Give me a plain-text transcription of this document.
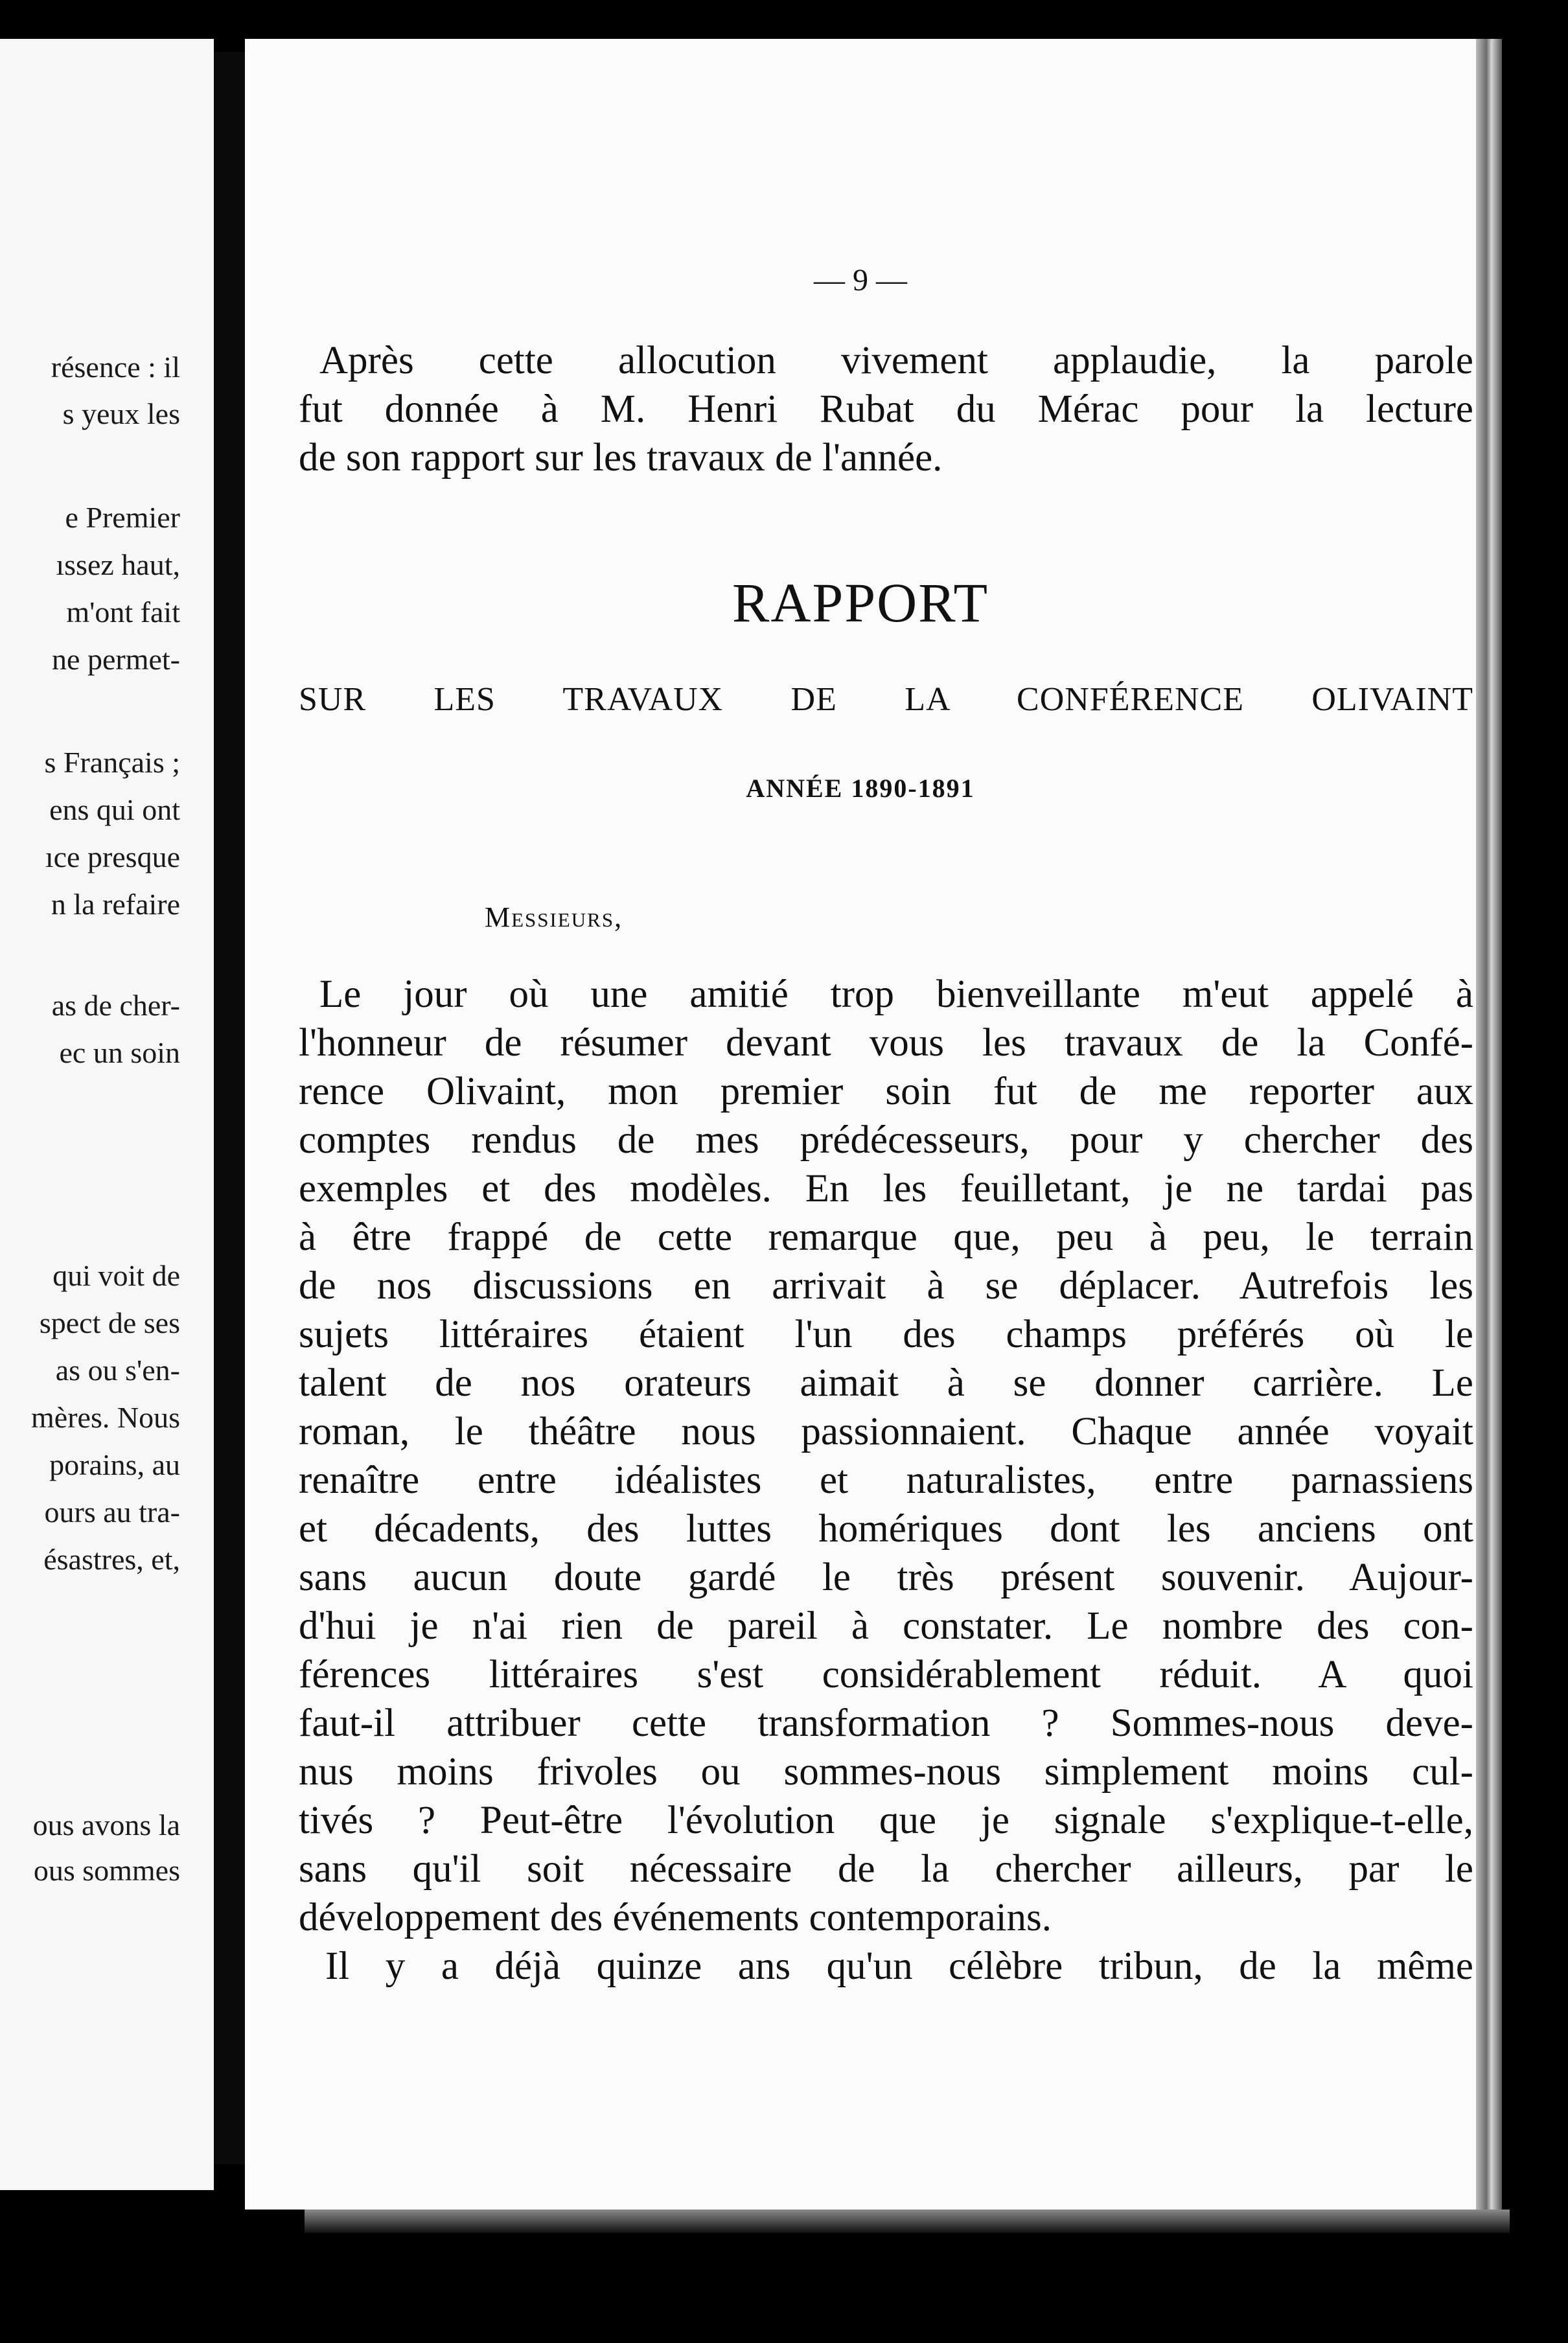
résence : il
s yeux les
e Premier
ıssez haut,
m'ont fait
ne permet-
s Français ;
ens qui ont
ıce presque
n la refaire
as de cher-
ec un soin
qui voit de
spect de ses
as ou s'en-
mères. Nous
porains, au
ours au tra-
ésastres, et,
ous avons la
ous sommes
— 9 —
Après cette allocution vivement applaudie, la parole
fut donnée à M. Henri Rubat du Mérac pour la lecture
de son rapport sur les travaux de l'année.
RAPPORT
SUR LES TRAVAUX DE LA CONFÉRENCE OLIVAINT
ANNÉE 1890-1891
Messieurs,
Le jour où une amitié trop bienveillante m'eut appelé à
l'honneur de résumer devant vous les travaux de la Confé-
rence Olivaint, mon premier soin fut de me reporter aux
comptes rendus de mes prédécesseurs, pour y chercher des
exemples et des modèles. En les feuilletant, je ne tardai pas
à être frappé de cette remarque que, peu à peu, le terrain
de nos discussions en arrivait à se déplacer. Autrefois les
sujets littéraires étaient l'un des champs préférés où le
talent de nos orateurs aimait à se donner carrière. Le
roman, le théâtre nous passionnaient. Chaque année voyait
renaître entre idéalistes et naturalistes, entre parnassiens
et décadents, des luttes homériques dont les anciens ont
sans aucun doute gardé le très présent souvenir. Aujour-
d'hui je n'ai rien de pareil à constater. Le nombre des con-
férences littéraires s'est considérablement réduit. A quoi
faut-il attribuer cette transformation ? Sommes-nous deve-
nus moins frivoles ou sommes-nous simplement moins cul-
tivés ? Peut-être l'évolution que je signale s'explique-t-elle,
sans qu'il soit nécessaire de la chercher ailleurs, par le
développement des événements contemporains.
Il y a déjà quinze ans qu'un célèbre tribun, de la même
